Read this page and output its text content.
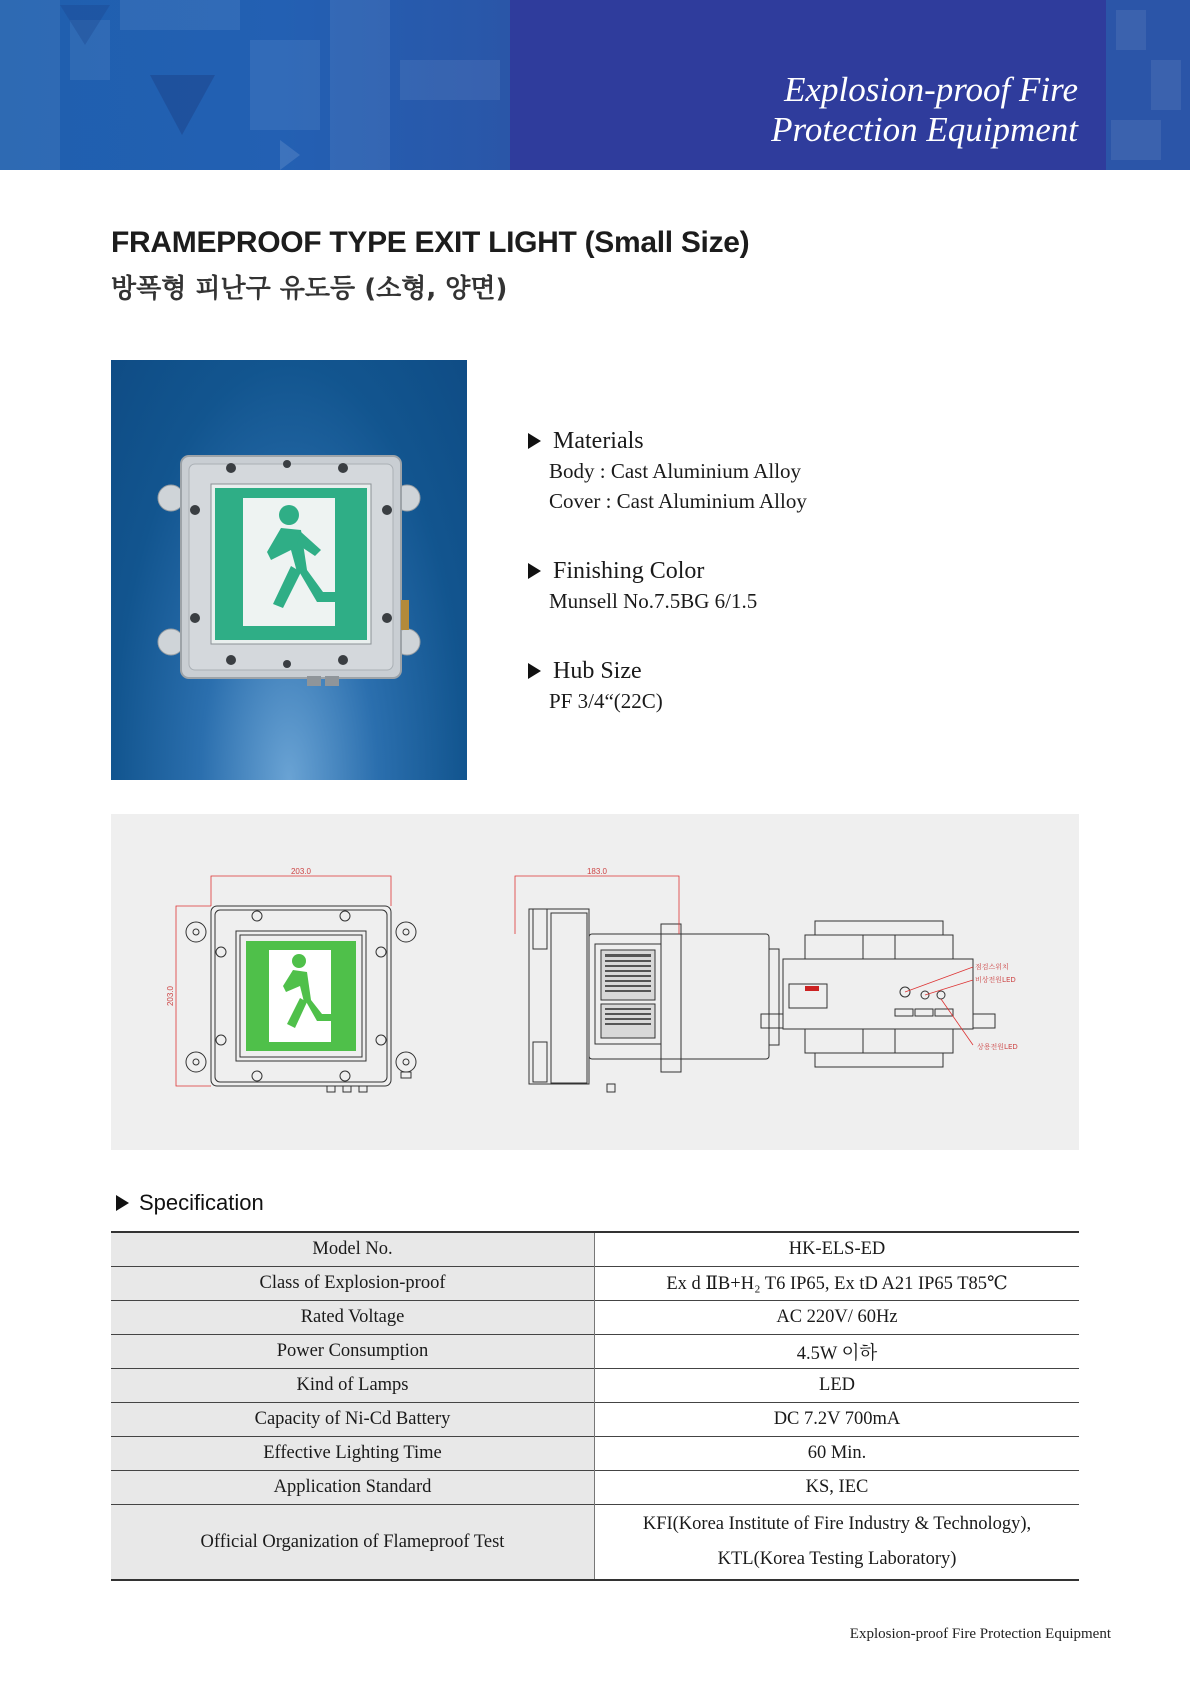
Explosion-proof Fire
Protection Equipment
FRAMEPROOF TYPE EXIT LIGHT (Small Size)
방폭형 피난구 유도등 (소형, 양면)
Materials
Body : Cast Aluminium Alloy
Cover : Cast Aluminium Alloy
Finishing Color
Munsell No.7.5BG 6/1.5
Hub Size
PF 3/4“(22C)
203.0
203.0
183.0
점검스위치
비상전원LED
상용전원LED
Specification
Model No.	HK-ELS-ED
Class of Explosion-proof	Ex d ⅡB+H₂ T6 IP65, Ex tD A21 IP65 T85℃
Rated Voltage	AC 220V/ 60Hz
Power Consumption	4.5W 이하
Kind of Lamps	LED
Capacity of Ni-Cd Battery	DC 7.2V 700mA
Effective Lighting Time	60 Min.
Application Standard	KS, IEC
Official Organization of Flameproof Test	KFI(Korea Institute of Fire Industry & Technology),
KTL(Korea Testing Laboratory)
Explosion-proof Fire Protection Equipment
